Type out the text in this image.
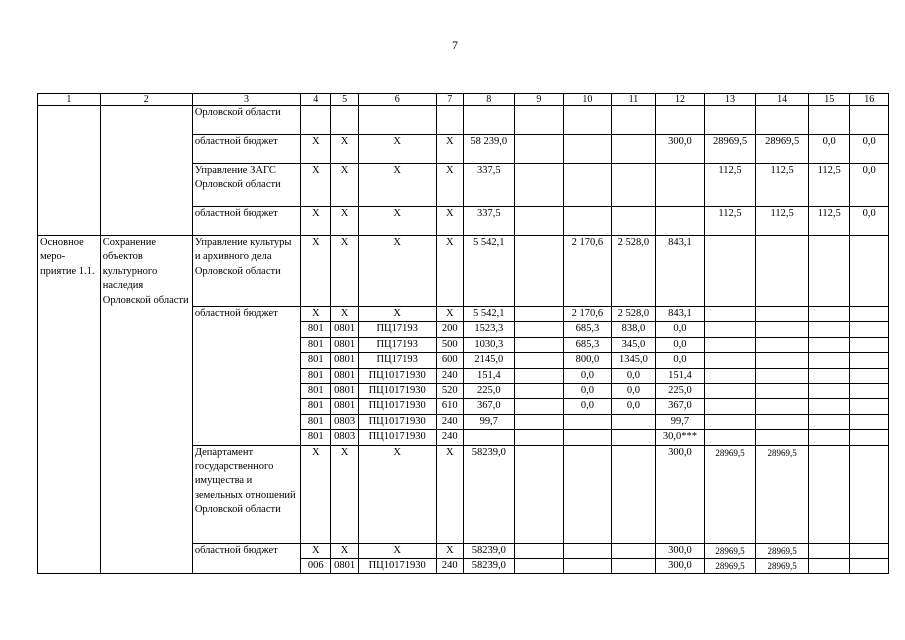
7
1	2	3	4	5	6	7	8	9	10	11	12	13	14	15	16
		Орловской области													
		областной бюджет	Х	Х	Х	Х	58 239,0				300,0	28969,5	28969,5	0,0	0,0
		Управление ЗАГС Орловской области	Х	Х	Х	Х	337,5					112,5	112,5	112,5	0,0
		областной бюджет	Х	Х	Х	Х	337,5					112,5	112,5	112,5	0,0
Основное меро-приятие 1.1.	Сохранение объектов культурного наследия Орловской области	Управление культуры и архивного дела Орловской области	Х	Х	Х	Х	5 542,1		2 170,6	2 528,0	843,1				
		областной бюджет	Х	Х	Х	Х	5 542,1		2 170,6	2 528,0	843,1				
			801	0801	ПЦ17193	200	1523,3		685,3	838,0	0,0				
			801	0801	ПЦ17193	500	1030,3		685,3	345,0	0,0				
			801	0801	ПЦ17193	600	2145,0		800,0	1345,0	0,0				
			801	0801	ПЦ10171930	240	151,4		0,0	0,0	151,4				
			801	0801	ПЦ10171930	520	225,0		0,0	0,0	225,0				
			801	0801	ПЦ10171930	610	367,0		0,0	0,0	367,0				
			801	0803	ПЦ10171930	240	99,7				99,7				
			801	0803	ПЦ10171930	240					30,0***				
		Департамент государственного имущества и земельных отношений Орловской области	Х	Х	Х	Х	58239,0				300,0	28969,5	28969,5		
		областной бюджет	Х	Х	Х	Х	58239,0				300,0	28969,5	28969,5		
			006	0801	ПЦ10171930	240	58239,0				300,0	28969,5	28969,5		
